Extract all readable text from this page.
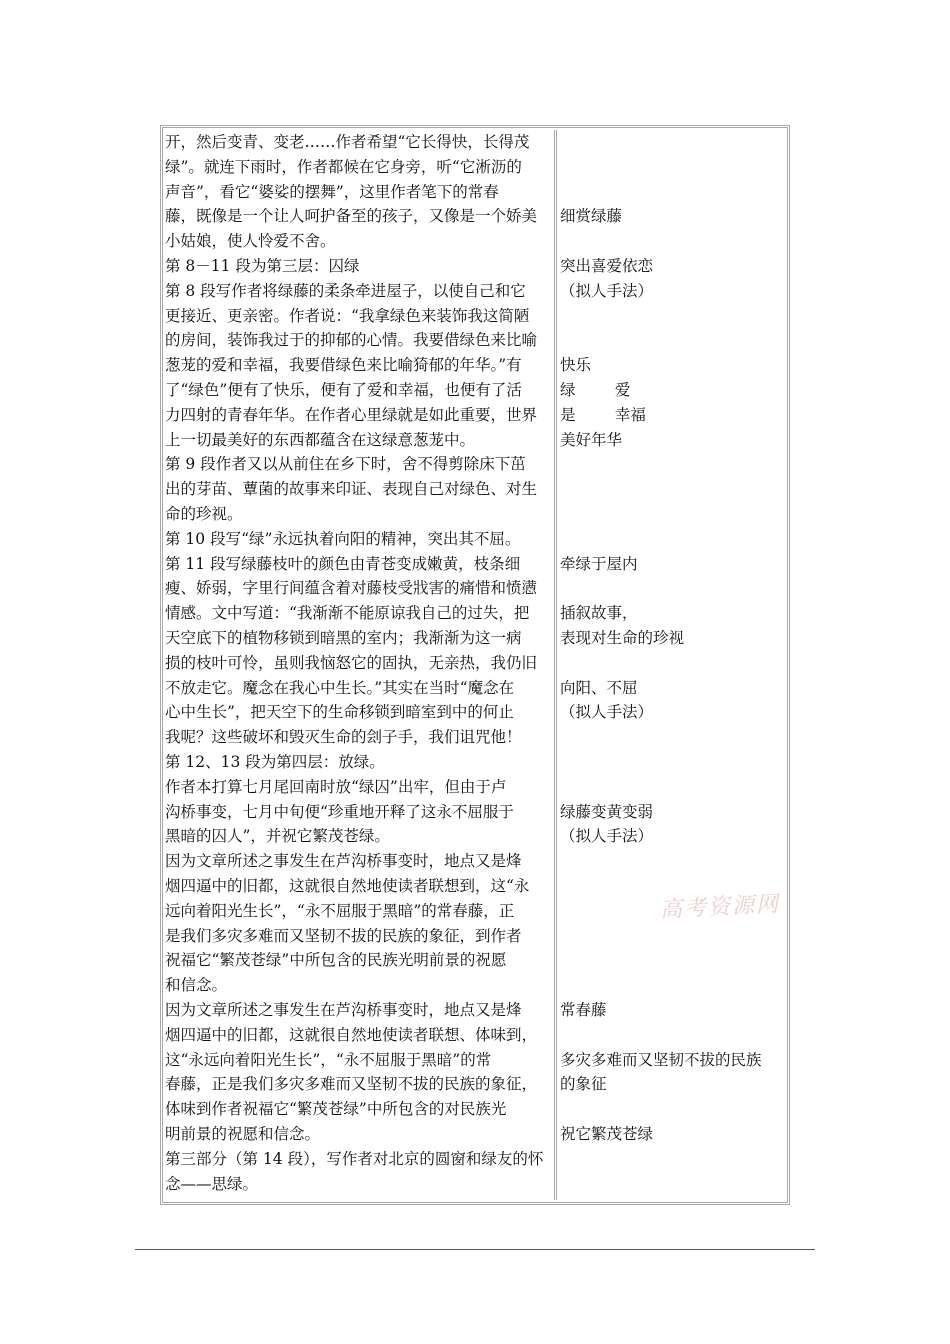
开，然后变青、变老……作者希望“它长得快，长得茂
绿”。就连下雨时，作者都候在它身旁，听“它淅沥的
声音”，看它“婆娑的摆舞”，这里作者笔下的常春
藤，既像是一个让人呵护备至的孩子，又像是一个娇美
小姑娘，使人怜爱不舍。
第 8－11 段为第三层：囚绿
第 8 段写作者将绿藤的柔条牵进屋子，以使自己和它
更接近、更亲密。作者说：“我拿绿色来装饰我这简陋
的房间，装饰我过于的抑郁的心情。我要借绿色来比喻
葱茏的爱和幸福，我要借绿色来比喻猗郁的年华。”有
了“绿色”便有了快乐，便有了爱和幸福，也便有了活
力四射的青春年华。在作者心里绿就是如此重要，世界
上一切最美好的东西都蕴含在这绿意葱茏中。
第 9 段作者又以从前住在乡下时，舍不得剪除床下茁
出的芽苗、蕈菌的故事来印证、表现自己对绿色、对生
命的珍视。
第 10 段写“绿”永远执着向阳的精神，突出其不屈。
第 11 段写绿藤枝叶的颜色由青苍变成嫩黄，枝条细
瘦、娇弱，字里行间蕴含着对藤枝受戕害的痛惜和愤懑
情感。文中写道：“我渐渐不能原谅我自己的过失，把
天空底下的植物移锁到暗黑的室内；我渐渐为这一病
损的枝叶可怜，虽则我恼怒它的固执，无亲热，我仍旧
不放走它。魔念在我心中生长。”其实在当时“魔念在
心中生长”，把天空下的生命移锁到暗室到中的何止
我呢？这些破坏和毁灭生命的刽子手，我们诅咒他！
第 12、13 段为第四层：放绿。
作者本打算七月尾回南时放“绿囚”出牢，但由于卢
沟桥事变，七月中旬便“珍重地开释了这永不屈服于
黑暗的囚人”，并祝它繁茂苍绿。
因为文章所述之事发生在芦沟桥事变时，地点又是烽
烟四逼中的旧都，这就很自然地使读者联想到，这“永
远向着阳光生长”，“永不屈服于黑暗”的常春藤，正
是我们多灾多难而又坚韧不拔的民族的象征，到作者
祝福它“繁茂苍绿”中所包含的民族光明前景的祝愿
和信念。
因为文章所述之事发生在芦沟桥事变时，地点又是烽
烟四逼中的旧都，这就很自然地使读者联想、体味到，
这“永远向着阳光生长”，“永不屈服于黑暗”的常
春藤，正是我们多灾多难而又坚韧不拔的民族的象征，
体味到作者祝福它“繁茂苍绿”中所包含的对民族光
明前景的祝愿和信念。
第三部分（第 14 段），写作者对北京的圆窗和绿友的怀
念——思绿。
细赏绿藤
突出喜爱依恋
（拟人手法）
快乐
绿        爱
是        幸福
美好年华
牵绿于屋内
插叙故事，
表现对生命的珍视
向阳、不屈
（拟人手法）
绿藤变黄变弱
（拟人手法）
常春藤
多灾多难而又坚韧不拔的民族
的象征
祝它繁茂苍绿
高考资源网
